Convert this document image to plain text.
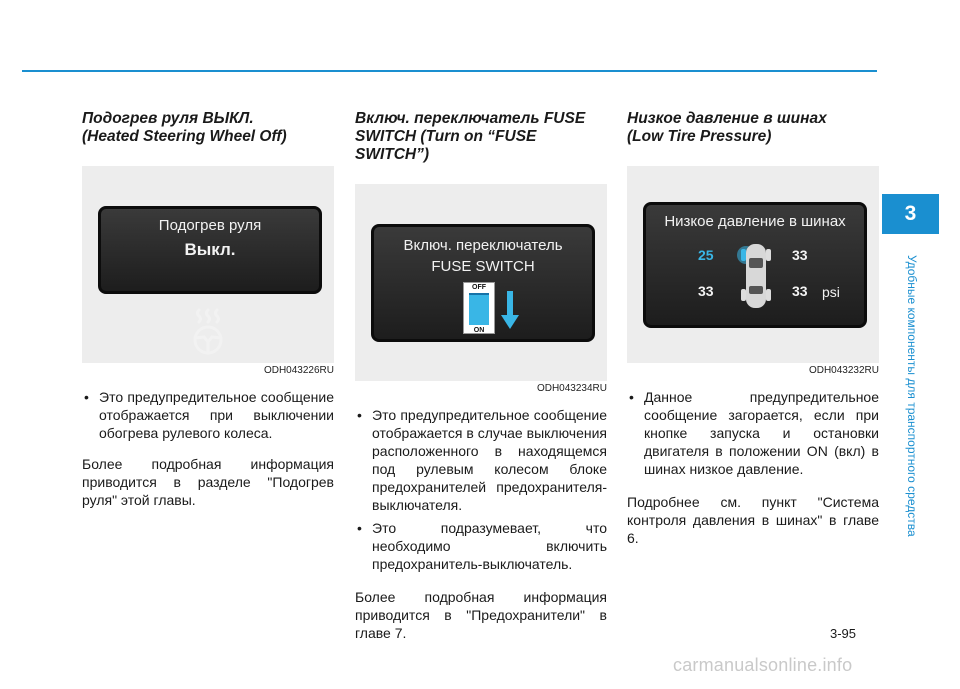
Подогрев руля ВЫКЛ.
(Heated Steering Wheel Off)
Подогрев руля
Выкл.
ODH043226RU
• Это предупредительное сообщение отображается при выключении обогрева рулевого колеса.

Более подробная информация приводится в разделе "Подогрев руля" этой главы.

Включ. переключатель FUSE
SWITCH (Turn on “FUSE
SWITCH”)
Включ. переключатель
FUSE SWITCH
OFF
ON
ODH043234RU
• Это предупредительное сообщение отображается в случае выключения расположенного в находящемся под рулевым колесом блоке предохранителей предохранителя-выключателя.
• Это подразумевает, что необходимо включить предохранитель-выключатель.

Более подробная информация приводится в "Предохранители" в главе 7.

Низкое давление в шинах
(Low Tire Pressure)
Низкое давление в шинах
25	33
33	33 psi
ODH043232RU
• Данное предупредительное сообщение загорается, если при кнопке запуска и остановки двигателя в положении ON (вкл) в шинах низкое давление.

Подробнее см. пункт "Система контроля давления в шинах" в главе 6.

3
Удобные компоненты для транспортного средства
3-95
carmanualsonline.info
